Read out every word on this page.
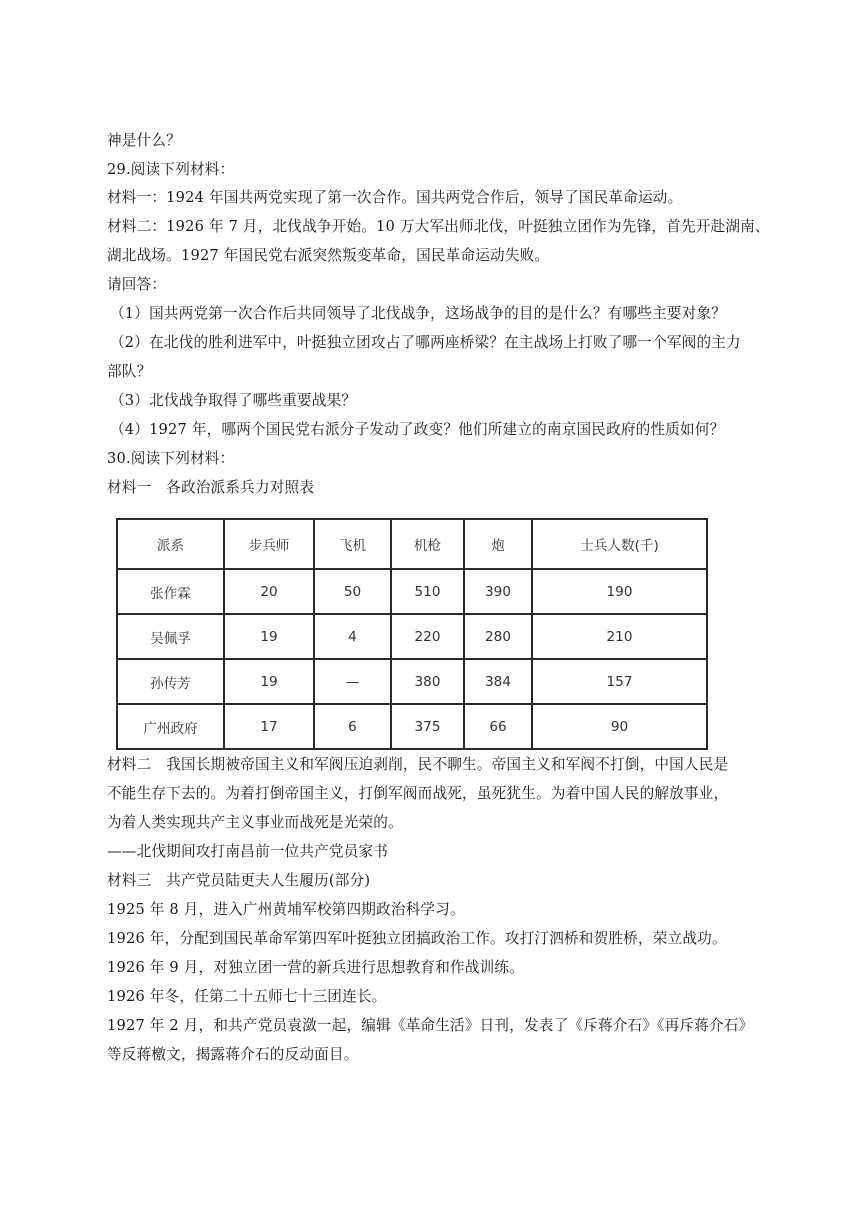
神是什么？
29.阅读下列材料：
材料一：1924 年国共两党实现了第一次合作。国共两党合作后，领导了国民革命运动。
材料二：1926 年 7 月，北伐战争开始。10 万大军出师北伐，叶挺独立团作为先锋，首先开赴湖南、
湖北战场。1927 年国民党右派突然叛变革命，国民革命运动失败。
请回答：
（1）国共两党第一次合作后共同领导了北伐战争，这场战争的目的是什么？有哪些主要对象？
（2）在北伐的胜利进军中，叶挺独立团攻占了哪两座桥梁？在主战场上打败了哪一个军阀的主力
部队？
（3）北伐战争取得了哪些重要战果？
（4）1927 年，哪两个国民党右派分子发动了政变？他们所建立的南京国民政府的性质如何？
30.阅读下列材料：
材料一　各政治派系兵力对照表
派系	步兵师	飞机	机枪	炮	士兵人数(千)
张作霖	20	50	510	390	190
吴佩孚	19	4	220	280	210
孙传芳	19	—	380	384	157
广州政府	17	6	375	66	90
材料二　我国长期被帝国主义和军阀压迫剥削，民不聊生。帝国主义和军阀不打倒，中国人民是
不能生存下去的。为着打倒帝国主义，打倒军阀而战死，虽死犹生。为着中国人民的解放事业，
为着人类实现共产主义事业而战死是光荣的。
——北伐期间攻打南昌前一位共产党员家书
材料三　共产党员陆更夫人生履历(部分)
1925 年 8 月，进入广州黄埔军校第四期政治科学习。
1926 年，分配到国民革命军第四军叶挺独立团搞政治工作。攻打汀泗桥和贺胜桥，荣立战功。
1926 年 9 月，对独立团一营的新兵进行思想教育和作战训练。
1926 年冬，任第二十五师七十三团连长。
1927 年 2 月，和共产党员袁潋一起，编辑《革命生活》日刊，发表了《斥蒋介石》《再斥蒋介石》
等反蒋檄文，揭露蒋介石的反动面目。
